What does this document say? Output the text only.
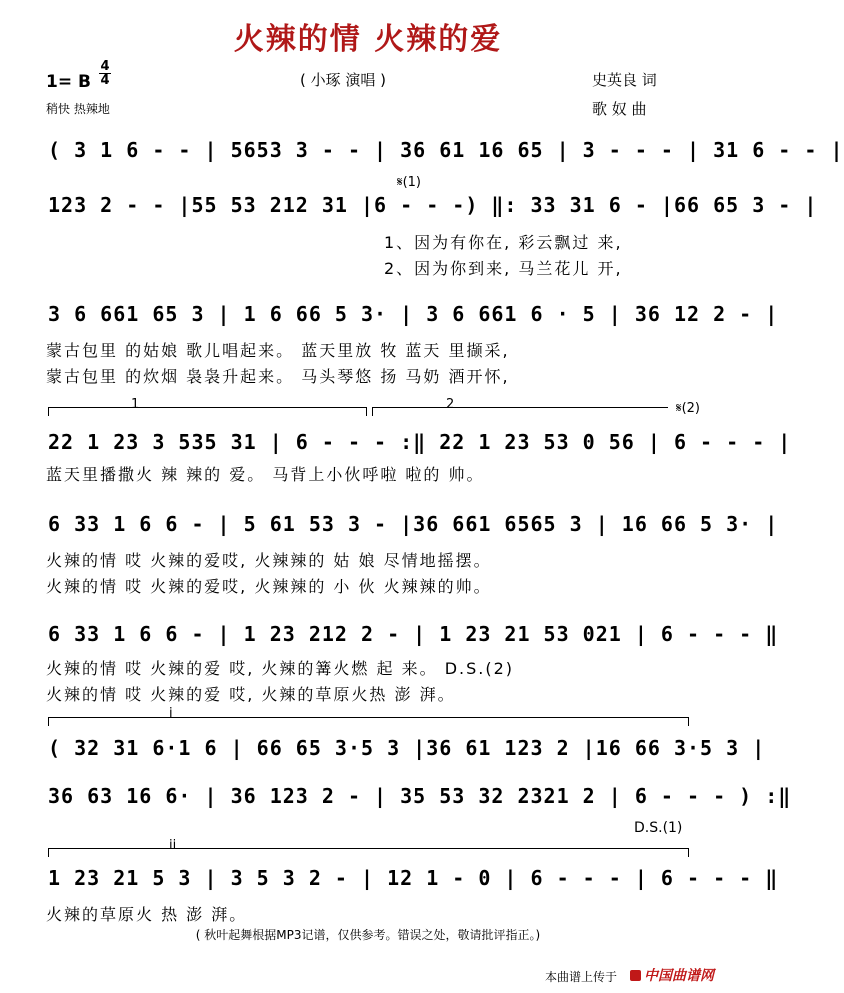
火辣的情 火辣的爱
1= B $\frac{4}{4}$
稍快 热辣地
( 小琢 演唱 )	史英良 词
歌 奴 曲
( 3 1 6 - - | 5653 3 - - | 36 61 16 65 | 3 - - - | 31 6 - - |
𝄋(1)
123 2 - - |55 53 212 31 |6 - - -) ‖: 33 31 6 - |66 65 3 - |
1、因为有你在, 彩云飘过 来,
2、因为你到来, 马兰花儿 开,
3 6 661 65 3 | 1 6 66 5 3· | 3 6 661 6 · 5 | 36 12 2 - |
蒙古包里 的姑娘 歌儿唱起来。 蓝天里放 牧 蓝天 里撷采,
蒙古包里 的炊烟 袅袅升起来。 马头琴悠 扬 马奶 酒开怀,
1	2	𝄋(2)
22 1 23 3 535 31 | 6 - - - :‖ 22 1 23 53 0 56 | 6 - - - |
蓝天里播撒火 辣 辣的 爱。 马背上小伙呼啦 啦的 帅。
6 33 1 6 6 - | 5 61 53 3 - |36 661 6565 3 | 16 66 5 3· |
火辣的情 哎 火辣的爱哎, 火辣辣的 姑 娘 尽情地摇摆。
火辣的情 哎 火辣的爱哎, 火辣辣的 小 伙 火辣辣的帅。
6 33 1 6 6 - | 1 23 212 2 - | 1 23 21 53 021 | 6 - - - ‖
火辣的情 哎 火辣的爱 哎, 火辣的篝火燃 起 来。 D.S.(2)
火辣的情 哎 火辣的爱 哎, 火辣的草原火热 澎 湃。
i
( 32 31 6·1 6 | 66 65 3·5 3 |36 61 123 2 |16 66 3·5 3 |
36 63 16 6· | 36 123 2 - | 35 53 32 2321 2 | 6 - - - ) :‖
D.S.(1)
ii
1 23 21 5 3 | 3 5 3 2 - | 12 1 - 0 | 6 - - - | 6 - - - ‖
火辣的草原火 热 澎 湃。
( 秋叶起舞根据MP3记谱，仅供参考。错误之处，敬请批评指正。)
本曲谱上传于	中国曲谱网
